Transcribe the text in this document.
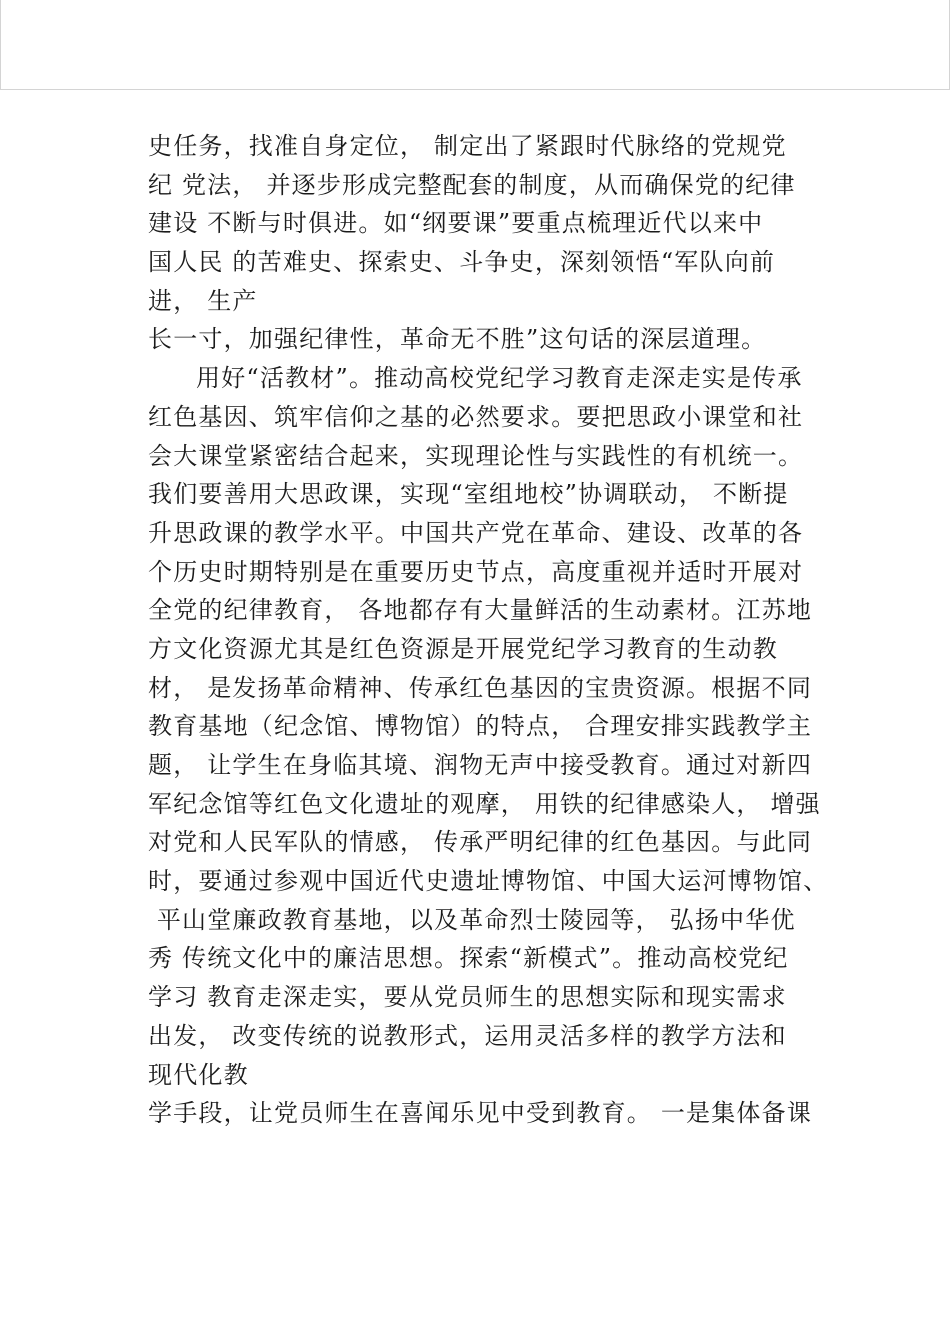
史任务，找准自身定位， 制定出了紧跟时代脉络的党规党
纪 党法， 并逐步形成完整配套的制度，从而确保党的纪律
建设 不断与时俱进。如“纲要课”要重点梳理近代以来中
国人民 的苦难史、探索史、斗争史，深刻领悟“军队向前
进， 生产
长一寸，加强纪律性，革命无不胜”这句话的深层道理。
用好“活教材”。推动高校党纪学习教育走深走实是传承
红色基因、筑牢信仰之基的必然要求。要把思政小课堂和社
会大课堂紧密结合起来，实现理论性与实践性的有机统一。
我们要善用大思政课，实现“室组地校”协调联动， 不断提
升思政课的教学水平。中国共产党在革命、建设、改革的各
个历史时期特别是在重要历史节点，高度重视并适时开展对
全党的纪律教育， 各地都存有大量鲜活的生动素材。江苏地
方文化资源尤其是红色资源是开展党纪学习教育的生动教
材， 是发扬革命精神、传承红色基因的宝贵资源。根据不同
教育基地（纪念馆、博物馆）的特点， 合理安排实践教学主
题， 让学生在身临其境、润物无声中接受教育。通过对新四
军纪念馆等红色文化遗址的观摩， 用铁的纪律感染人， 增强
对党和人民军队的情感， 传承严明纪律的红色基因。与此同
时，要通过参观中国近代史遗址博物馆、中国大运河博物馆、
平山堂廉政教育基地，以及革命烈士陵园等， 弘扬中华优
秀 传统文化中的廉洁思想。探索“新模式”。推动高校党纪
学习 教育走深走实，要从党员师生的思想实际和现实需求
出发， 改变传统的说教形式，运用灵活多样的教学方法和
现代化教
学手段，让党员师生在喜闻乐见中受到教育。 一是集体备课
